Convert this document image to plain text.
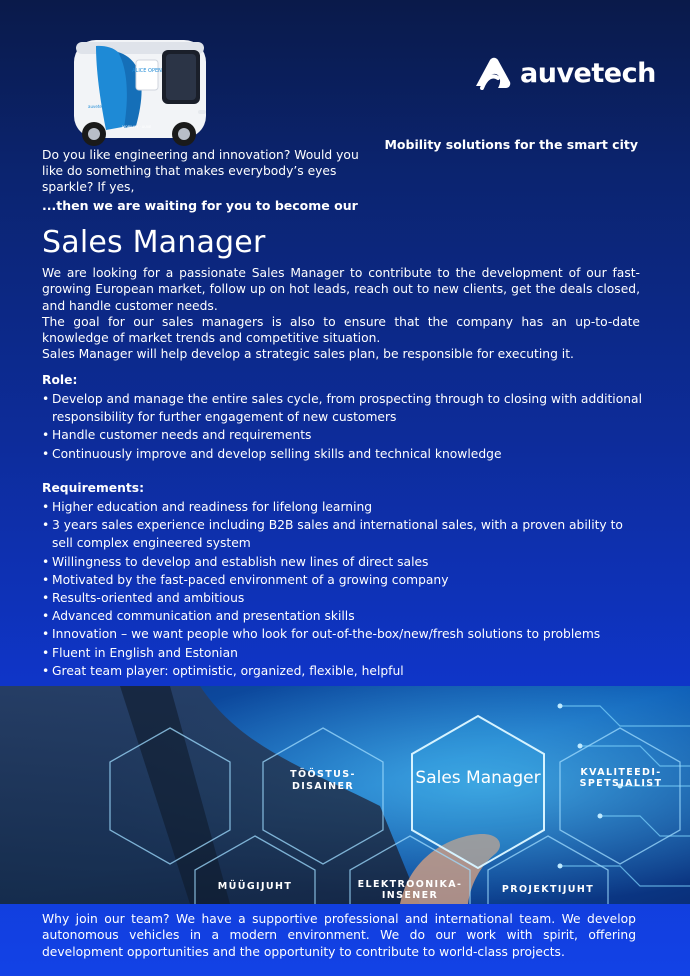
ALICE OPEN
auvetech
MOBILITY · AUVE
auvetech
Mobility solutions for the smart city
Do you like engineering and innovation? Would you like do something that makes everybody’s eyes sparkle? If yes,
...then we are waiting for you to become our
Sales Manager

We are looking for a passionate Sales Manager to contribute to the development of our fast-growing European market, follow up on hot leads, reach out to new clients, get the deals closed, and handle customer needs.

The goal for our sales managers is also to ensure that the company has an up-to-date knowledge of market trends and competitive situation.

Sales Manager will help develop a strategic sales plan, be responsible for executing it.

Role:
• Develop and manage the entire sales cycle, from prospecting through to closing with additional responsibility for further engagement of new customers
• Handle customer needs and requirements
• Continuously improve and develop selling skills and technical knowledge
Requirements:
• Higher education and readiness for lifelong learning
• 3 years sales experience including B2B sales and international sales, with a proven ability to sell complex engineered system
• Willingness to develop and establish new lines of direct sales
• Motivated by the fast-paced environment of a growing company
• Results-oriented and ambitious
• Advanced communication and presentation skills
• Innovation – we want people who look for out-of-the-box/new/fresh solutions to problems
• Fluent in English and Estonian
• Great team player: optimistic, organized, flexible, helpful
Sales Manager
TÖÖSTUS-
DISAINER
KVALITEEDI-
SPETSIALIST
MÜÜGIJUHT	ELEKTROONIKA-
INSENER
PROJEKTIJUHT
Why join our team? We have a supportive professional and international team. We develop autonomous vehicles in a modern environment. We do our work with spirit, offering development opportunities and the opportunity to contribute to world-class projects.
